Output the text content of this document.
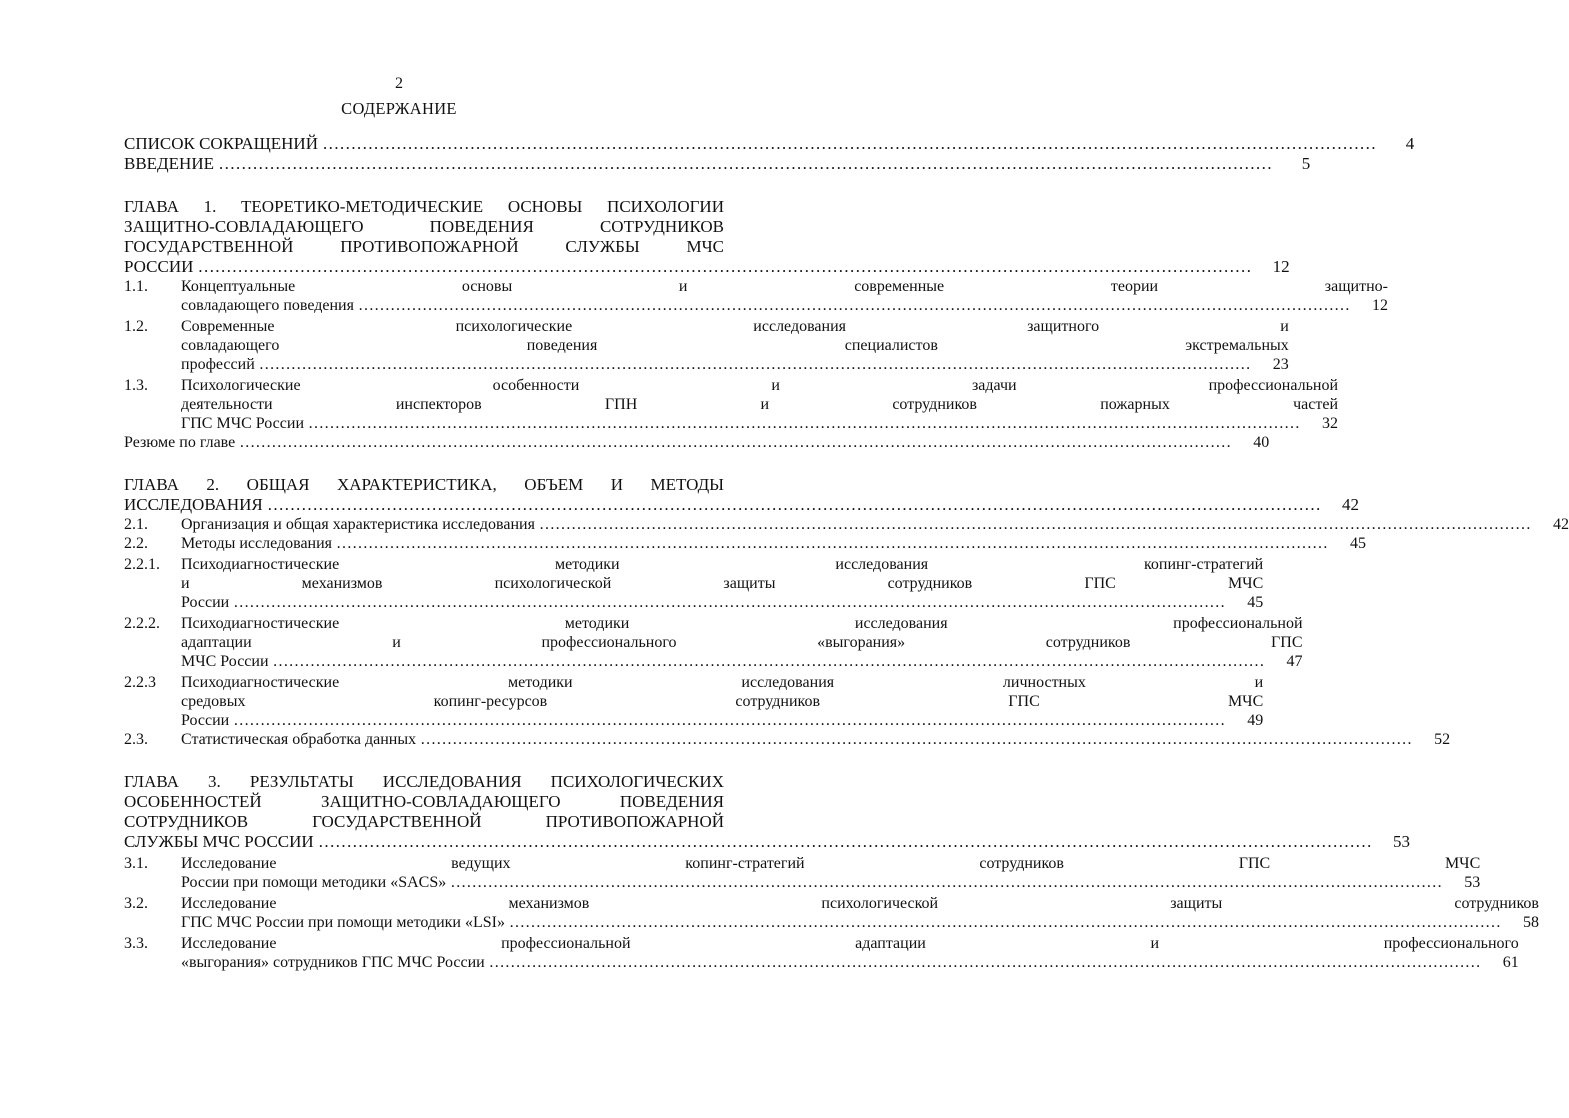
2
СОДЕРЖАНИЕ
СПИСОК СОКРАЩЕНИЙ ……………………………………………………………………………………………………………………………………………………………………	4
ВВЕДЕНИЕ ……………………………………………………………………………………………………………………………………………………………………	5
ГЛАВА 1. ТЕОРЕТИКО-МЕТОДИЧЕСКИЕ ОСНОВЫ ПСИХОЛОГИИ
ЗАЩИТНО-СОВЛАДАЮЩЕГО ПОВЕДЕНИЯ СОТРУДНИКОВ
ГОСУДАРСТВЕННОЙ ПРОТИВОПОЖАРНОЙ СЛУЖБЫ МЧС
РОССИИ ……………………………………………………………………………………………………………………………………………………………………	12
1.1.	Концептуальные основы и современные теории защитно-
совладающего поведения ……………………………………………………………………………………………………………………………………………………………………	12
1.2.	Современные психологические исследования защитного и
совладающего поведения специалистов экстремальных
профессий ……………………………………………………………………………………………………………………………………………………………………	23
1.3.	Психологические особенности и задачи профессиональной
деятельности инспекторов ГПН и сотрудников пожарных частей
ГПС МЧС России ……………………………………………………………………………………………………………………………………………………………………	32
Резюме по главе ……………………………………………………………………………………………………………………………………………………………………	40
ГЛАВА 2. ОБЩАЯ ХАРАКТЕРИСТИКА, ОБЪЕМ И МЕТОДЫ
ИССЛЕДОВАНИЯ ……………………………………………………………………………………………………………………………………………………………………	42
2.1.	Организация и общая характеристика исследования ……………………………………………………………………………………………………………………………………………………………………	42
2.2.	Методы исследования ……………………………………………………………………………………………………………………………………………………………………	45
2.2.1.	Психодиагностические методики исследования копинг-стратегий
и механизмов психологической защиты сотрудников ГПС МЧС
России ……………………………………………………………………………………………………………………………………………………………………	45
2.2.2.	Психодиагностические методики исследования профессиональной
адаптации и профессионального «выгорания» сотрудников ГПС
МЧС России ……………………………………………………………………………………………………………………………………………………………………	47
2.2.3	Психодиагностические методики исследования личностных и
средовых копинг-ресурсов сотрудников ГПС МЧС
России ……………………………………………………………………………………………………………………………………………………………………	49
2.3.	Статистическая обработка данных ……………………………………………………………………………………………………………………………………………………………………	52
ГЛАВА 3. РЕЗУЛЬТАТЫ ИССЛЕДОВАНИЯ ПСИХОЛОГИЧЕСКИХ
ОСОБЕННОСТЕЙ ЗАЩИТНО-СОВЛАДАЮЩЕГО ПОВЕДЕНИЯ
СОТРУДНИКОВ ГОСУДАРСТВЕННОЙ ПРОТИВОПОЖАРНОЙ
СЛУЖБЫ МЧС РОССИИ ……………………………………………………………………………………………………………………………………………………………………	53
3.1.	Исследование ведущих копинг-стратегий сотрудников ГПС МЧС
России при помощи методики «SACS» ……………………………………………………………………………………………………………………………………………………………………	53
3.2.	Исследование механизмов психологической защиты сотрудников
ГПС МЧС России при помощи методики «LSI» ……………………………………………………………………………………………………………………………………………………………………	58
3.3.	Исследование профессиональной адаптации и профессионального
«выгорания» сотрудников ГПС МЧС России ……………………………………………………………………………………………………………………………………………………………………	61
